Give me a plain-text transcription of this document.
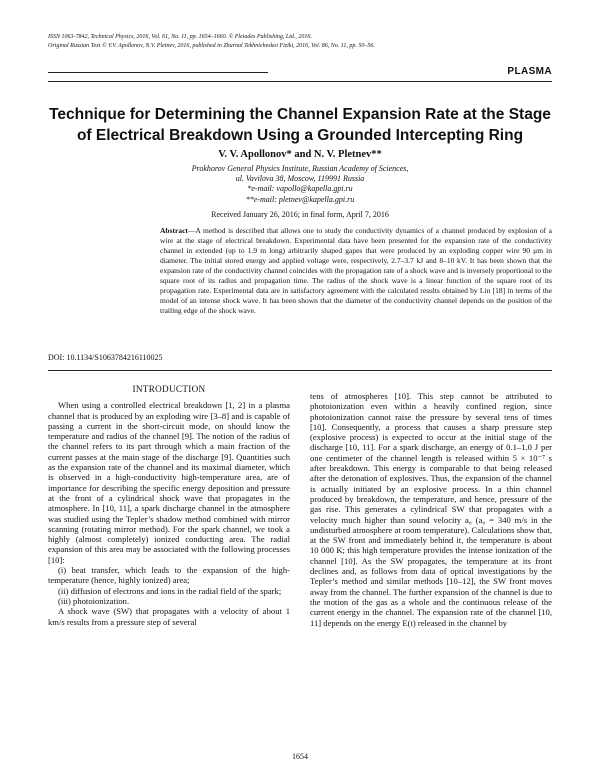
ISSN 1063-7842, Technical Physics, 2016, Vol. 61, No. 11, pp. 1654–1660. © Pleiades Publishing, Ltd., 2016.
Original Russian Text © V.V. Apollonov, N.V. Pletnev, 2016, published in Zhurnal Tekhnicheskoi Fiziki, 2016, Vol. 86, No. 11, pp. 50–56.
PLASMA
Technique for Determining the Channel Expansion Rate at the Stage of Electrical Breakdown Using a Grounded Intercepting Ring
V. V. Apollonov* and N. V. Pletnev**
Prokhorov General Physics Institute, Russian Academy of Sciences,
ul. Vavilova 38, Moscow, 119991 Russia
*e-mail: vapollo@kapella.gpi.ru
**e-mail: pletnev@kapella.gpi.ru
Received January 26, 2016; in final form, April 7, 2016

Abstract—A method is described that allows one to study the conductivity dynamics of a channel produced by explosion of a wire at the stage of electrical breakdown. Experimental data have been presented for the expansion rate of the conductivity channel in extended (up to 1.9 m long) arbitrarily shaped gapes that were produced by an exploding copper wire 90 μm in diameter. The initial stored energy and applied voltage were, respectively, 2.7–3.7 kJ and 8–10 kV. It has been shown that the expansion rate of the conductivity channel coincides with the propagation rate of a shock wave and is inversely proportional to the square root of its radius and propagation time. The radius of the shock wave is a linear function of the square root of its propagation rate. Experimental data are in satisfactory agreement with the calculated results obtained by Lin [18] in terms of the model of an intense shock wave. It has been shown that the diameter of the conductivity channel depends on the position of the trailing edge of the shock wave.

DOI: 10.1134/S1063784216110025
INTRODUCTION

When using a controlled electrical breakdown [1, 2] in a plasma channel that is produced by an exploding wire [3–8] and is capable of passing a current in the short-circuit mode, on should know the temperature and radius of the channel [9]. The notion of the radius of the channel refers to its part through which a main fraction of the current passes at the main stage of the discharge [9]. Quantities such as the expansion rate of the channel and its maximal diameter, which is observed in a high-conductivity high-temperature area, are of importance for describing the specific energy deposition and pressure at the front of a cylindrical shock wave that propagates in the atmosphere. In [10, 11], a spark discharge channel in the atmosphere was studied using the Tepler’s shadow method combined with mirror scanning (rotating mirror method). For the spark channel, we took a highly (almost completely) ionized conducting area. The radial expansion of this area may be associated with the following processes [10]:

(i) heat transfer, which leads to the expansion of the high-temperature (hence, highly ionized) area;

(ii) diffusion of electrons and ions in the radial field of the spark;

(iii) photoionization.

A shock wave (SW) that propagates with a velocity of about 1 km/s results from a pressure step of several

tens of atmospheres [10]. This step cannot be attributed to photoionization even within a heavily confined region, since photoionization cannot raise the pressure by several tens of times [10]. Consequently, a process that causes a sharp pressure step (explosive process) is expected to occur at the initial stage of the discharge [10, 11]. For a spark discharge, an energy of 0.1–1.0 J per one centimeter of the channel length is released within 5 × 10⁻⁷ s after breakdown. This energy is comparable to that being released after the detonation of explosives. Thus, the expansion of the channel is actually initiated by an explosive process. In a thin channel produced by breakdown, the temperature, and hence, pressure of the gas rise. This generates a cylindrical SW that propagates with a velocity much higher than sound velocity a₀ (a₀ = 340 m/s in the undisturbed atmosphere at room temperature). Calculations show that, at the SW front and immediately behind it, the temperature is about 10 000 K; this high temperature provides the intense ionization of the channel [10]. As the SW propagates, the temperature at its front declines and, as follows from data of optical investigations by the Tepler’s method and similar methods [10–12], the SW front moves away from the channel. The further expansion of the channel is due to the motion of the gas as a whole and the continuous release of the current energy in the channel. The expansion rate of the channel [10, 11] depends on the energy E(t) released in the channel by

1654
